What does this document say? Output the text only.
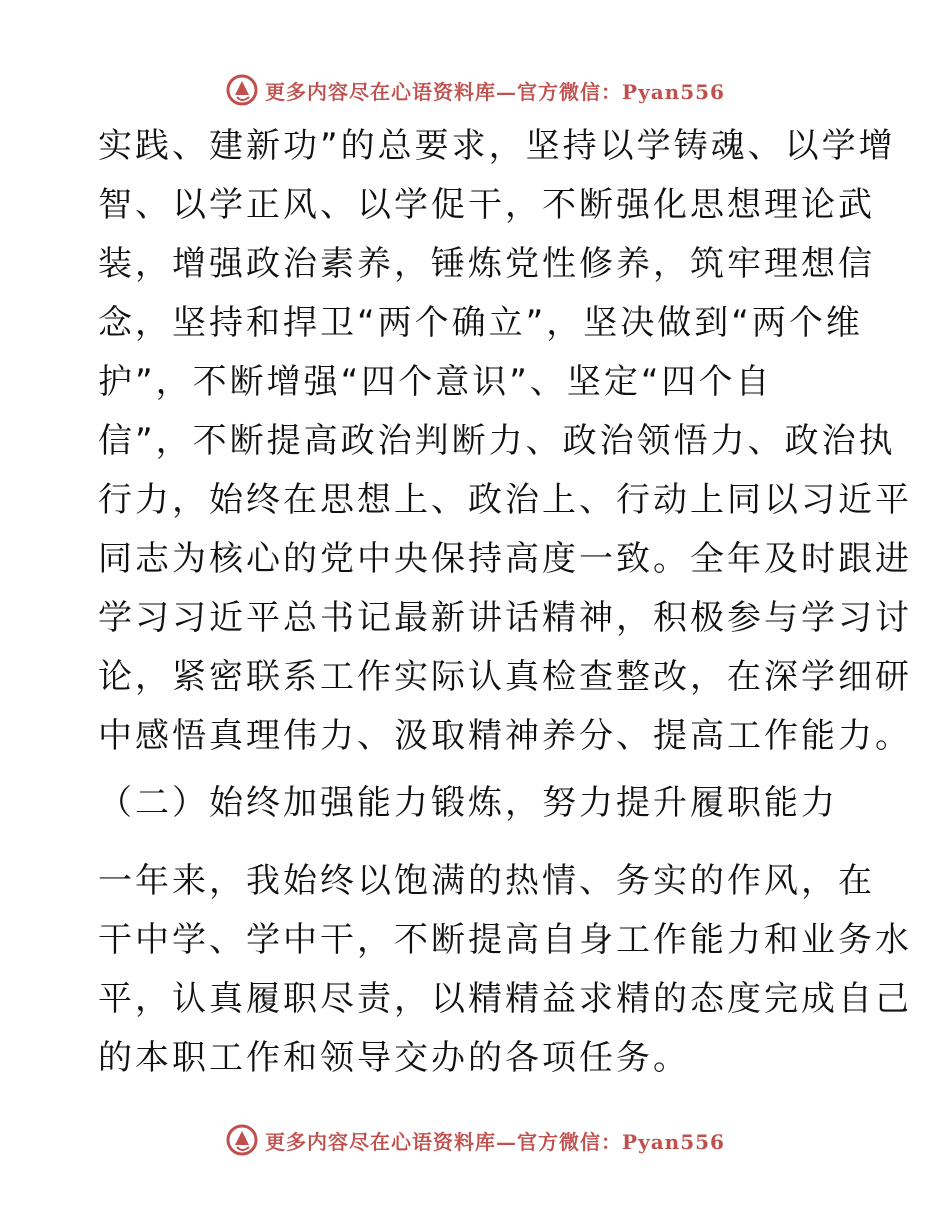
更多内容尽在心语资料库—官方微信：Pyan556
实践、建新功”的总要求，坚持以学铸魂、以学增
智、以学正风、以学促干，不断强化思想理论武
装，增强政治素养，锤炼党性修养，筑牢理想信
念，坚持和捍卫“两个确立”，坚决做到“两个维
护”，不断增强“四个意识”、坚定“四个自
信”，不断提高政治判断力、政治领悟力、政治执
行力，始终在思想上、政治上、行动上同以习近平
同志为核心的党中央保持高度一致。全年及时跟进
学习习近平总书记最新讲话精神，积极参与学习讨
论，紧密联系工作实际认真检查整改，在深学细研
中感悟真理伟力、汲取精神养分、提高工作能力。
（二）始终加强能力锻炼，努力提升履职能力
一年来，我始终以饱满的热情、务实的作风，在
干中学、学中干，不断提高自身工作能力和业务水
平，认真履职尽责，以精精益求精的态度完成自己
的本职工作和领导交办的各项任务。
更多内容尽在心语资料库—官方微信：Pyan556
